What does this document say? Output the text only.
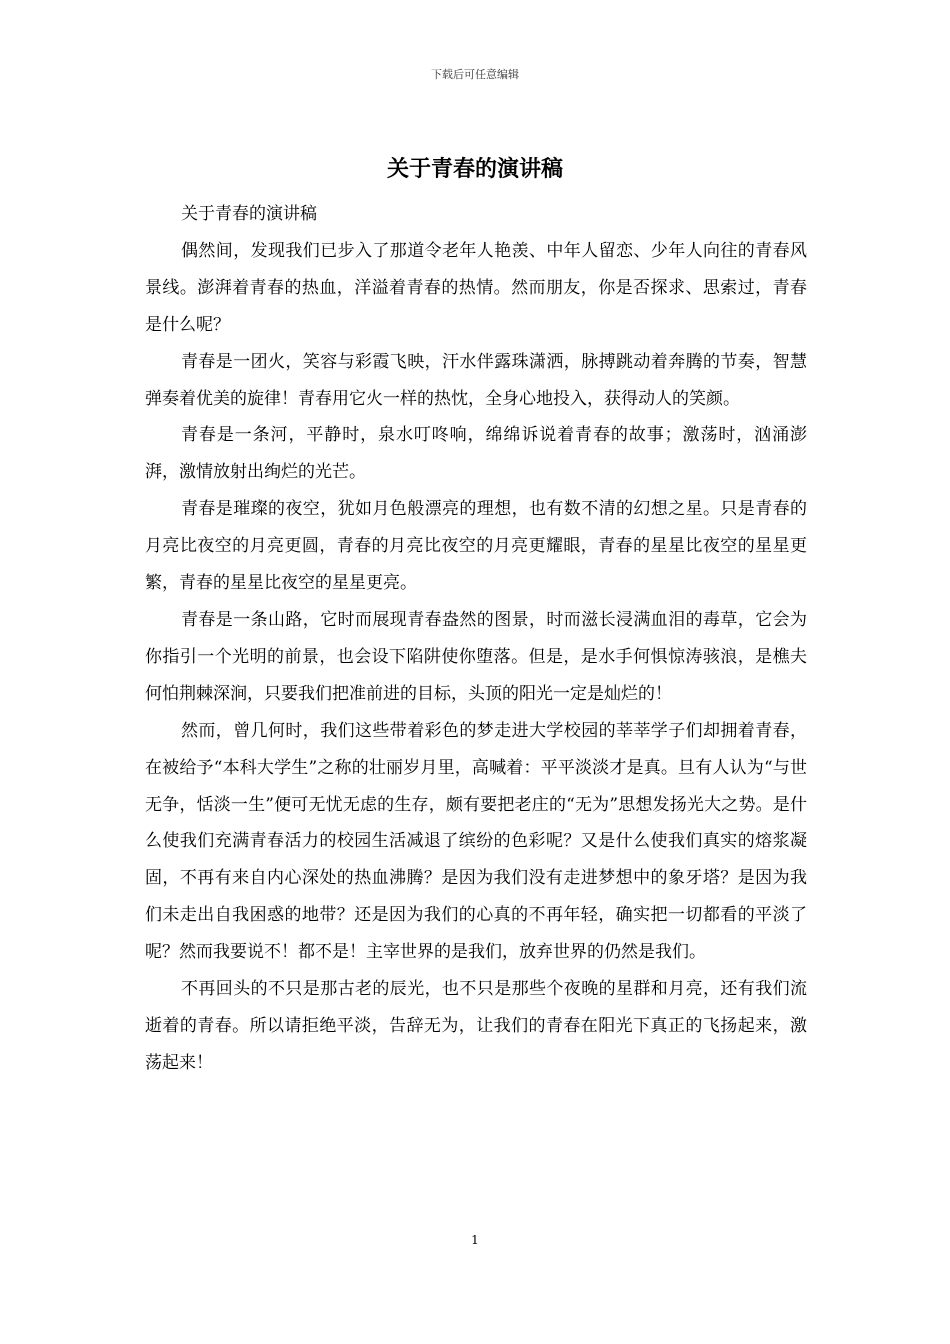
下载后可任意编辑
关于青春的演讲稿

关于青春的演讲稿

偶然间，发现我们已步入了那道令老年人艳羡、中年人留恋、少年人向往的青春风景线。澎湃着青春的热血，洋溢着青春的热情。然而朋友，你是否探求、思索过，青春是什么呢？

青春是一团火，笑容与彩霞飞映，汗水伴露珠潇洒，脉搏跳动着奔腾的节奏，智慧弹奏着优美的旋律！青春用它火一样的热忱，全身心地投入，获得动人的笑颜。

青春是一条河，平静时，泉水叮咚响，绵绵诉说着青春的故事；激荡时，汹涌澎湃，激情放射出绚烂的光芒。

青春是璀璨的夜空，犹如月色般漂亮的理想，也有数不清的幻想之星。只是青春的月亮比夜空的月亮更圆，青春的月亮比夜空的月亮更耀眼，青春的星星比夜空的星星更繁，青春的星星比夜空的星星更亮。

青春是一条山路，它时而展现青春盎然的图景，时而滋长浸满血泪的毒草，它会为你指引一个光明的前景，也会设下陷阱使你堕落。但是，是水手何惧惊涛骇浪，是樵夫何怕荆棘深涧，只要我们把准前进的目标，头顶的阳光一定是灿烂的！

然而，曾几何时，我们这些带着彩色的梦走进大学校园的莘莘学子们却拥着青春，在被给予“本科大学生”之称的壮丽岁月里，高喊着：平平淡淡才是真。旦有人认为“与世无争，恬淡一生”便可无忧无虑的生存，颇有要把老庄的“无为”思想发扬光大之势。是什么使我们充满青春活力的校园生活减退了缤纷的色彩呢？又是什么使我们真实的熔浆凝固，不再有来自内心深处的热血沸腾？是因为我们没有走进梦想中的象牙塔？是因为我们未走出自我困惑的地带？还是因为我们的心真的不再年轻，确实把一切都看的平淡了呢？然而我要说不！都不是！主宰世界的是我们，放弃世界的仍然是我们。

不再回头的不只是那古老的辰光，也不只是那些个夜晚的星群和月亮，还有我们流逝着的青春。所以请拒绝平淡，告辞无为，让我们的青春在阳光下真正的飞扬起来，激荡起来！

1
